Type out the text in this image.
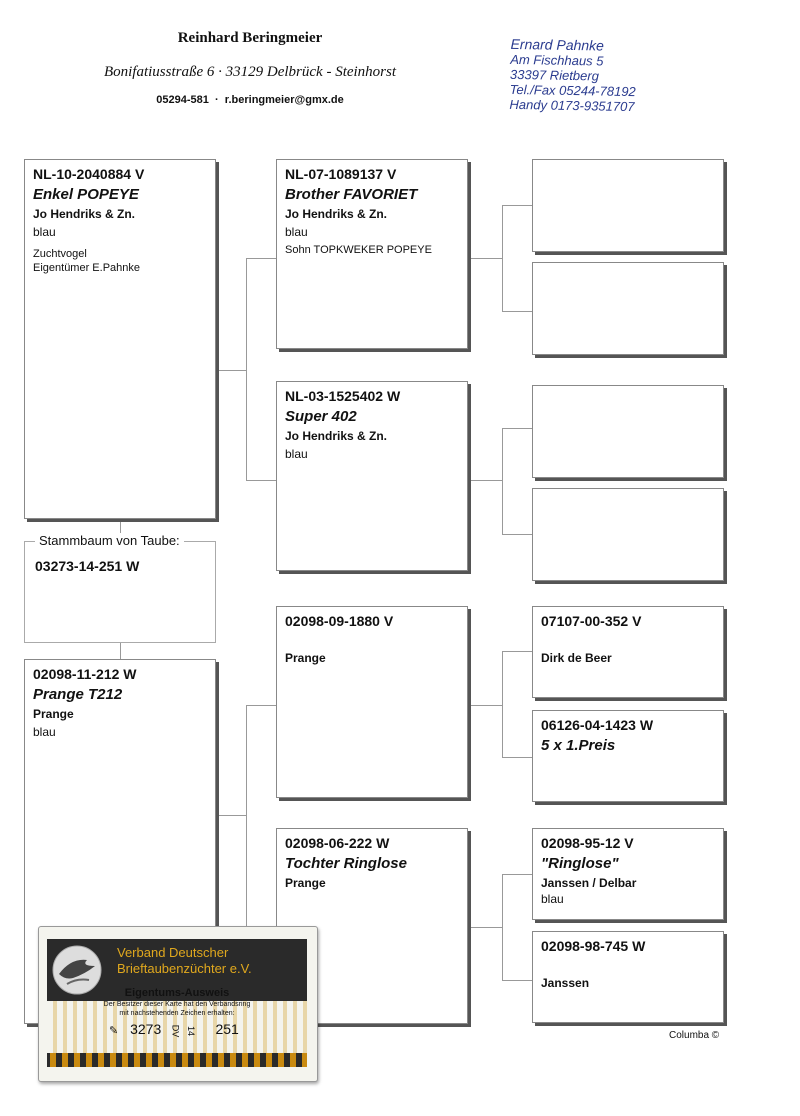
Reinhard Beringmeier
Bonifatiusstraße 6 · 33129 Delbrück - Steinhorst
05294-581 · r.beringmeier@gmx.de
Ernard Pahnke
Am Fischhaus 5
33397 Rietberg
Tel./Fax 05244-78192
Handy 0173-9351707
NL-10-2040884 V
Enkel POPEYE
Jo Hendriks & Zn.
blau
Zuchtvogel
Eigentümer E.Pahnke
Stammbaum von Taube:
03273-14-251 W
02098-11-212 W
Prange T212
Prange
blau
NL-07-1089137 V
Brother FAVORIET
Jo Hendriks & Zn.
blau
Sohn TOPKWEKER POPEYE
NL-03-1525402 W
Super 402
Jo Hendriks & Zn.
blau
02098-09-1880 V
Prange
02098-06-222 W
Tochter Ringlose
Prange
07107-00-352 V
Dirk de Beer
06126-04-1423 W
5 x 1.Preis
02098-95-12 V
"Ringlose"
Janssen / Delbar
blau
02098-98-745 W
Janssen
Columba ©
Verband Deutscher
Brieftaubenzüchter e.V.
Eigentums-Ausweis
Der Besitzer dieser Karte hat den Verbandsring
mit nachstehenden Zeichen erhalten:
✎ 3273 DV 14 251
